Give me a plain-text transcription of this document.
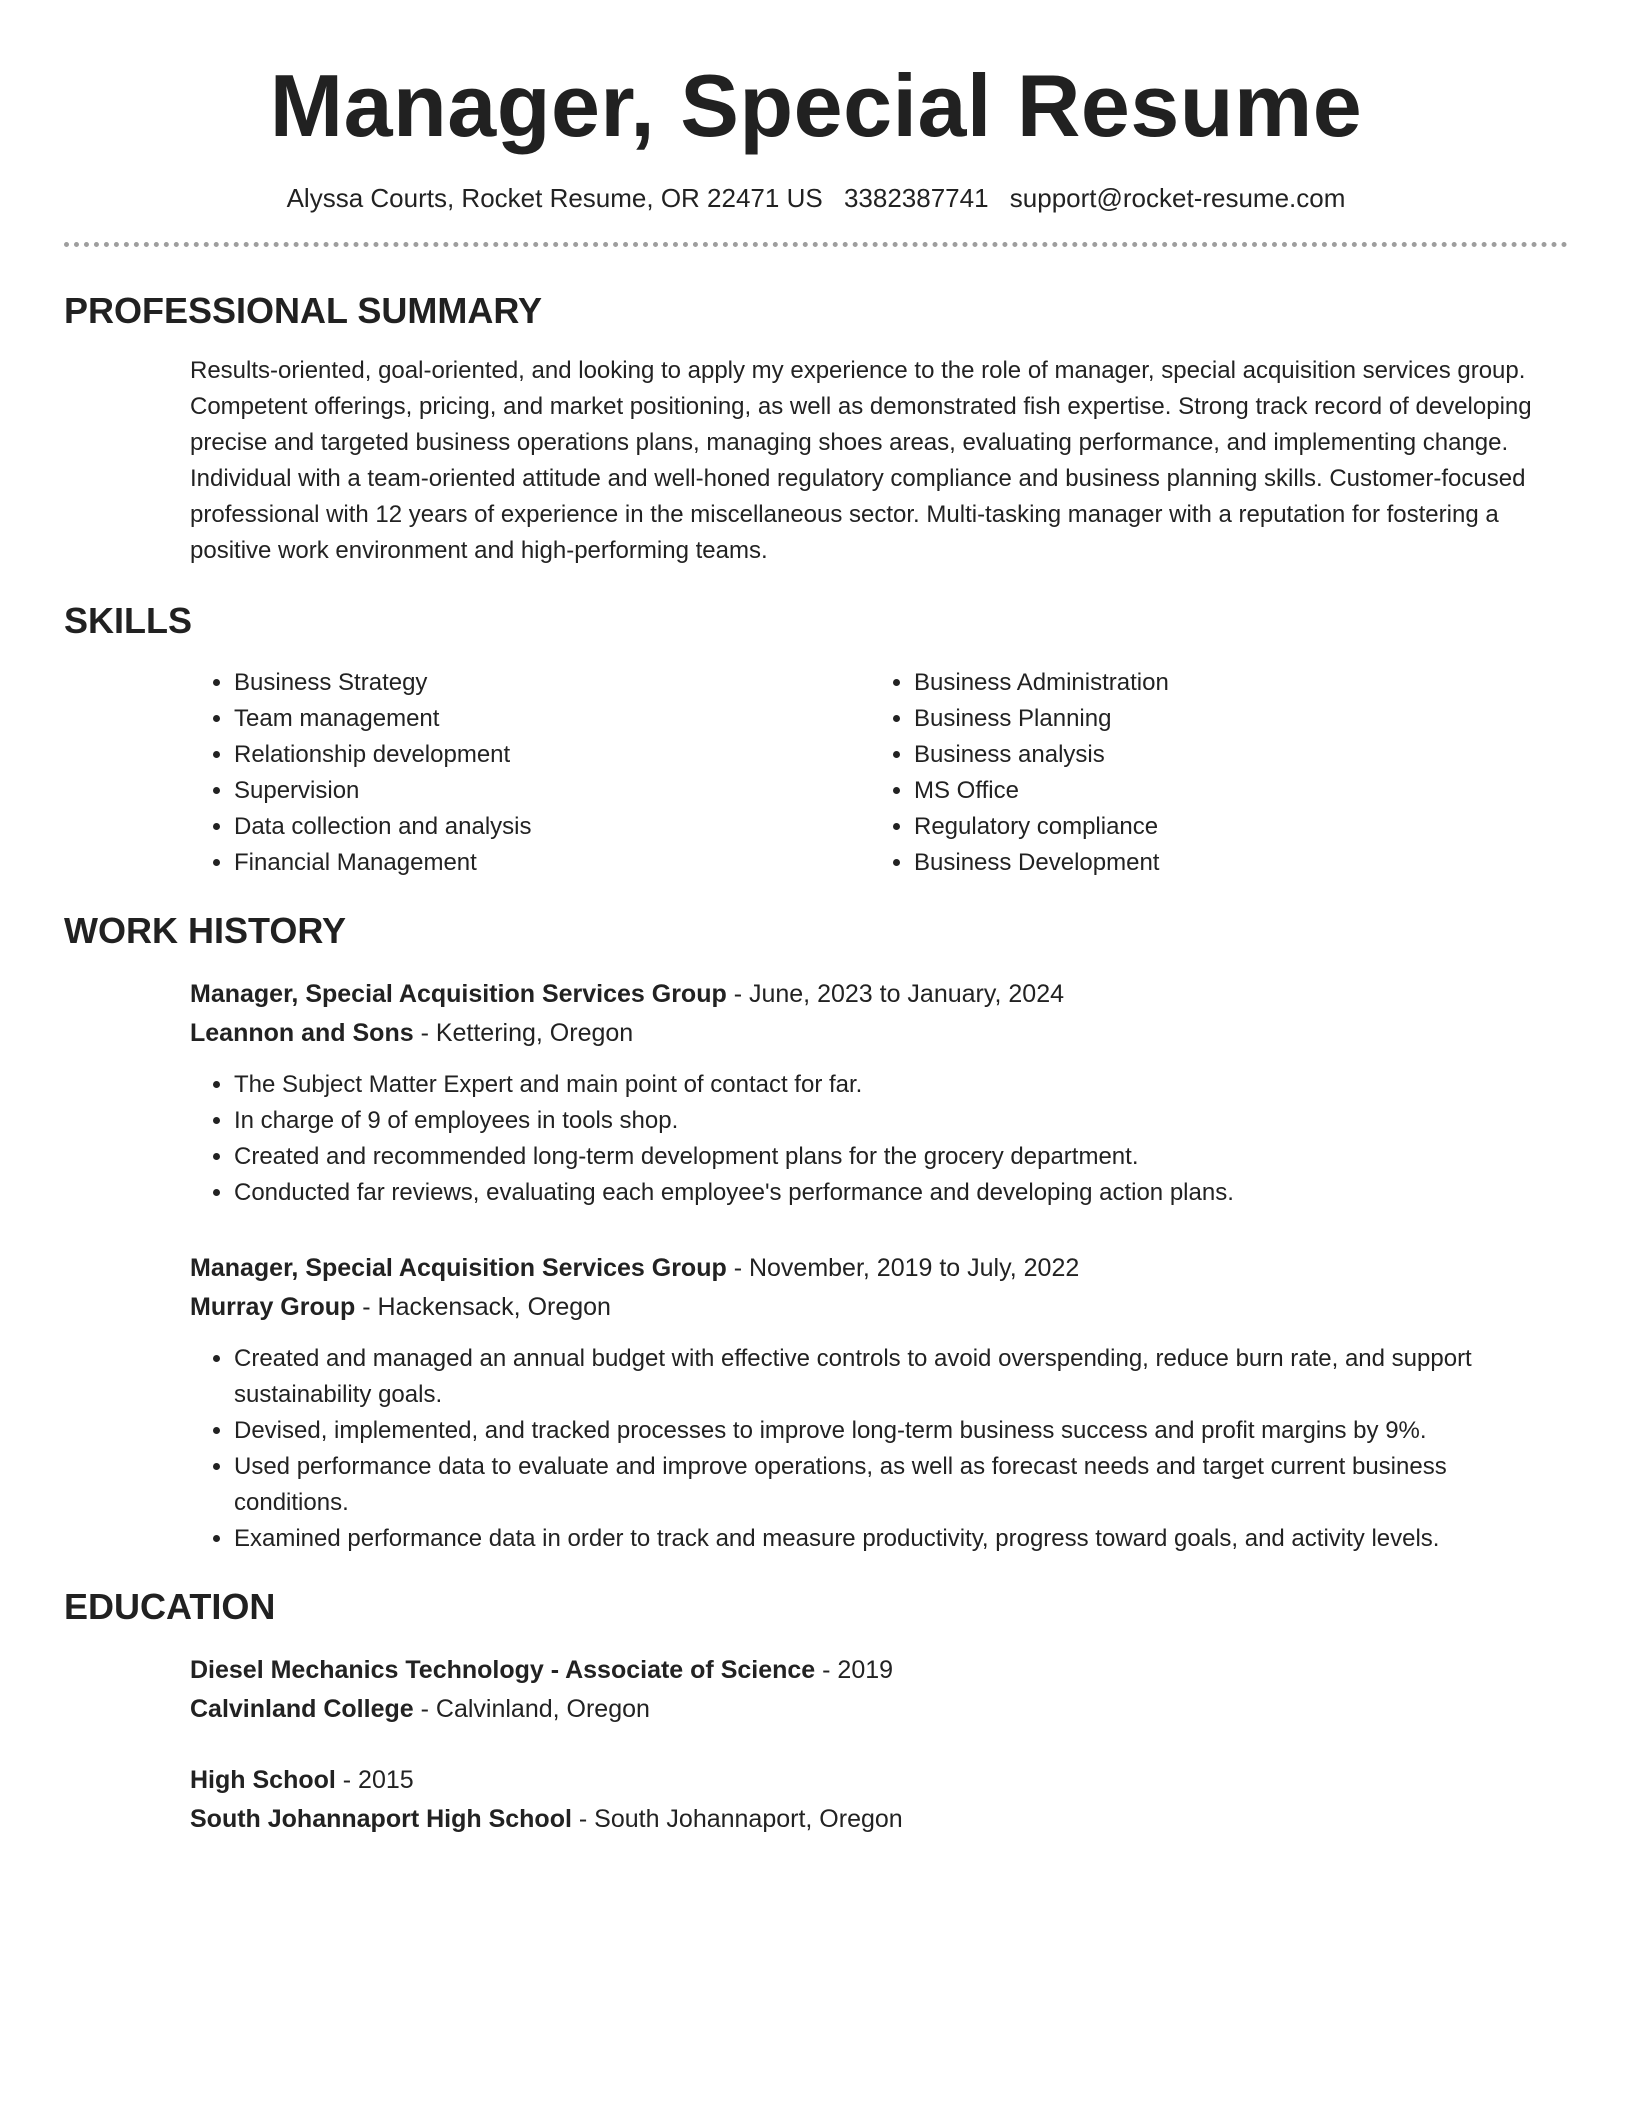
Manager, Special Resume
Alyssa Courts, Rocket Resume, OR 22471 US 3382387741 support@rocket-resume.com
PROFESSIONAL SUMMARY
Results-oriented, goal-oriented, and looking to apply my experience to the role of manager, special acquisition services group. Competent offerings, pricing, and market positioning, as well as demonstrated fish expertise. Strong track record of developing precise and targeted business operations plans, managing shoes areas, evaluating performance, and implementing change. Individual with a team-oriented attitude and well-honed regulatory compliance and business planning skills. Customer-focused professional with 12 years of experience in the miscellaneous sector. Multi-tasking manager with a reputation for fostering a positive work environment and high-performing teams.
SKILLS
• Business Strategy
• Team management
• Relationship development
• Supervision
• Data collection and analysis
• Financial Management
• Business Administration
• Business Planning
• Business analysis
• MS Office
• Regulatory compliance
• Business Development
WORK HISTORY
Manager, Special Acquisition Services Group - June, 2023 to January, 2024
Leannon and Sons - Kettering, Oregon
• The Subject Matter Expert and main point of contact for far.
• In charge of 9 of employees in tools shop.
• Created and recommended long-term development plans for the grocery department.
• Conducted far reviews, evaluating each employee's performance and developing action plans.
Manager, Special Acquisition Services Group - November, 2019 to July, 2022
Murray Group - Hackensack, Oregon
• Created and managed an annual budget with effective controls to avoid overspending, reduce burn rate, and support sustainability goals.
• Devised, implemented, and tracked processes to improve long-term business success and profit margins by 9%.
• Used performance data to evaluate and improve operations, as well as forecast needs and target current business conditions.
• Examined performance data in order to track and measure productivity, progress toward goals, and activity levels.
EDUCATION
Diesel Mechanics Technology - Associate of Science - 2019
Calvinland College - Calvinland, Oregon
High School - 2015
South Johannaport High School - South Johannaport, Oregon
